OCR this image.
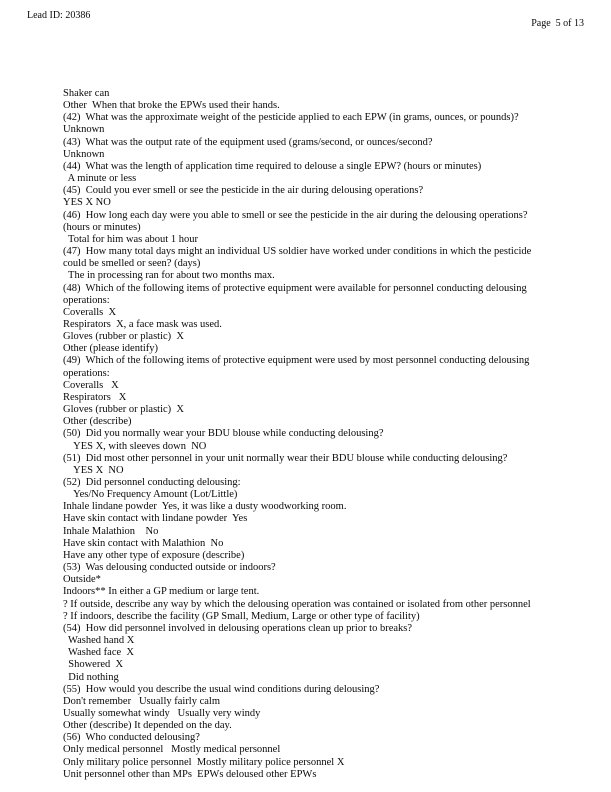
Lead ID: 20386
Page  5 of 13
Shaker can
Other  When that broke the EPWs used their hands.
(42)  What was the approximate weight of the pesticide applied to each EPW (in grams, ounces, or pounds)?
Unknown
(43)  What was the output rate of the equipment used (grams/second, or ounces/second?
Unknown
(44)  What was the length of application time required to delouse a single EPW? (hours or minutes)
A minute or less
(45)  Could you ever smell or see the pesticide in the air during delousing operations?
YES X NO
(46)  How long each day were you able to smell or see the pesticide in the air during the delousing operations?
(hours or minutes)
Total for him was about 1 hour
(47)  How many total days might an individual US soldier have worked under conditions in which the pesticide
could be smelled or seen? (days)
The in processing ran for about two months max.
(48)  Which of the following items of protective equipment were available for personnel conducting delousing
operations:
Coveralls  X
Respirators  X, a face mask was used.
Gloves (rubber or plastic)  X
Other (please identify)
(49)  Which of the following items of protective equipment were used by most personnel conducting delousing
operations:
Coveralls   X
Respirators   X
Gloves (rubber or plastic)  X
Other (describe)
(50)  Did you normally wear your BDU blouse while conducting delousing?
YES X, with sleeves down  NO
(51)  Did most other personnel in your unit normally wear their BDU blouse while conducting delousing?
YES X  NO
(52)  Did personnel conducting delousing:
Yes/No Frequency Amount (Lot/Little)
Inhale lindane powder  Yes, it was like a dusty woodworking room.
Have skin contact with lindane powder  Yes
Inhale Malathion    No
Have skin contact with Malathion  No
Have any other type of exposure (describe)
(53)  Was delousing conducted outside or indoors?
Outside*
Indoors** In either a GP medium or large tent.
? If outside, describe any way by which the delousing operation was contained or isolated from other personnel
? If indoors, describe the facility (GP Small, Medium, Large or other type of facility)
(54)  How did personnel involved in delousing operations clean up prior to breaks?
Washed hand X
Washed face  X
Showered  X
Did nothing
(55)  How would you describe the usual wind conditions during delousing?
Don't remember   Usually fairly calm
Usually somewhat windy   Usually very windy
Other (describe) It depended on the day.
(56)  Who conducted delousing?
Only medical personnel   Mostly medical personnel
Only military police personnel  Mostly military police personnel X
Unit personnel other than MPs  EPWs deloused other EPWs
